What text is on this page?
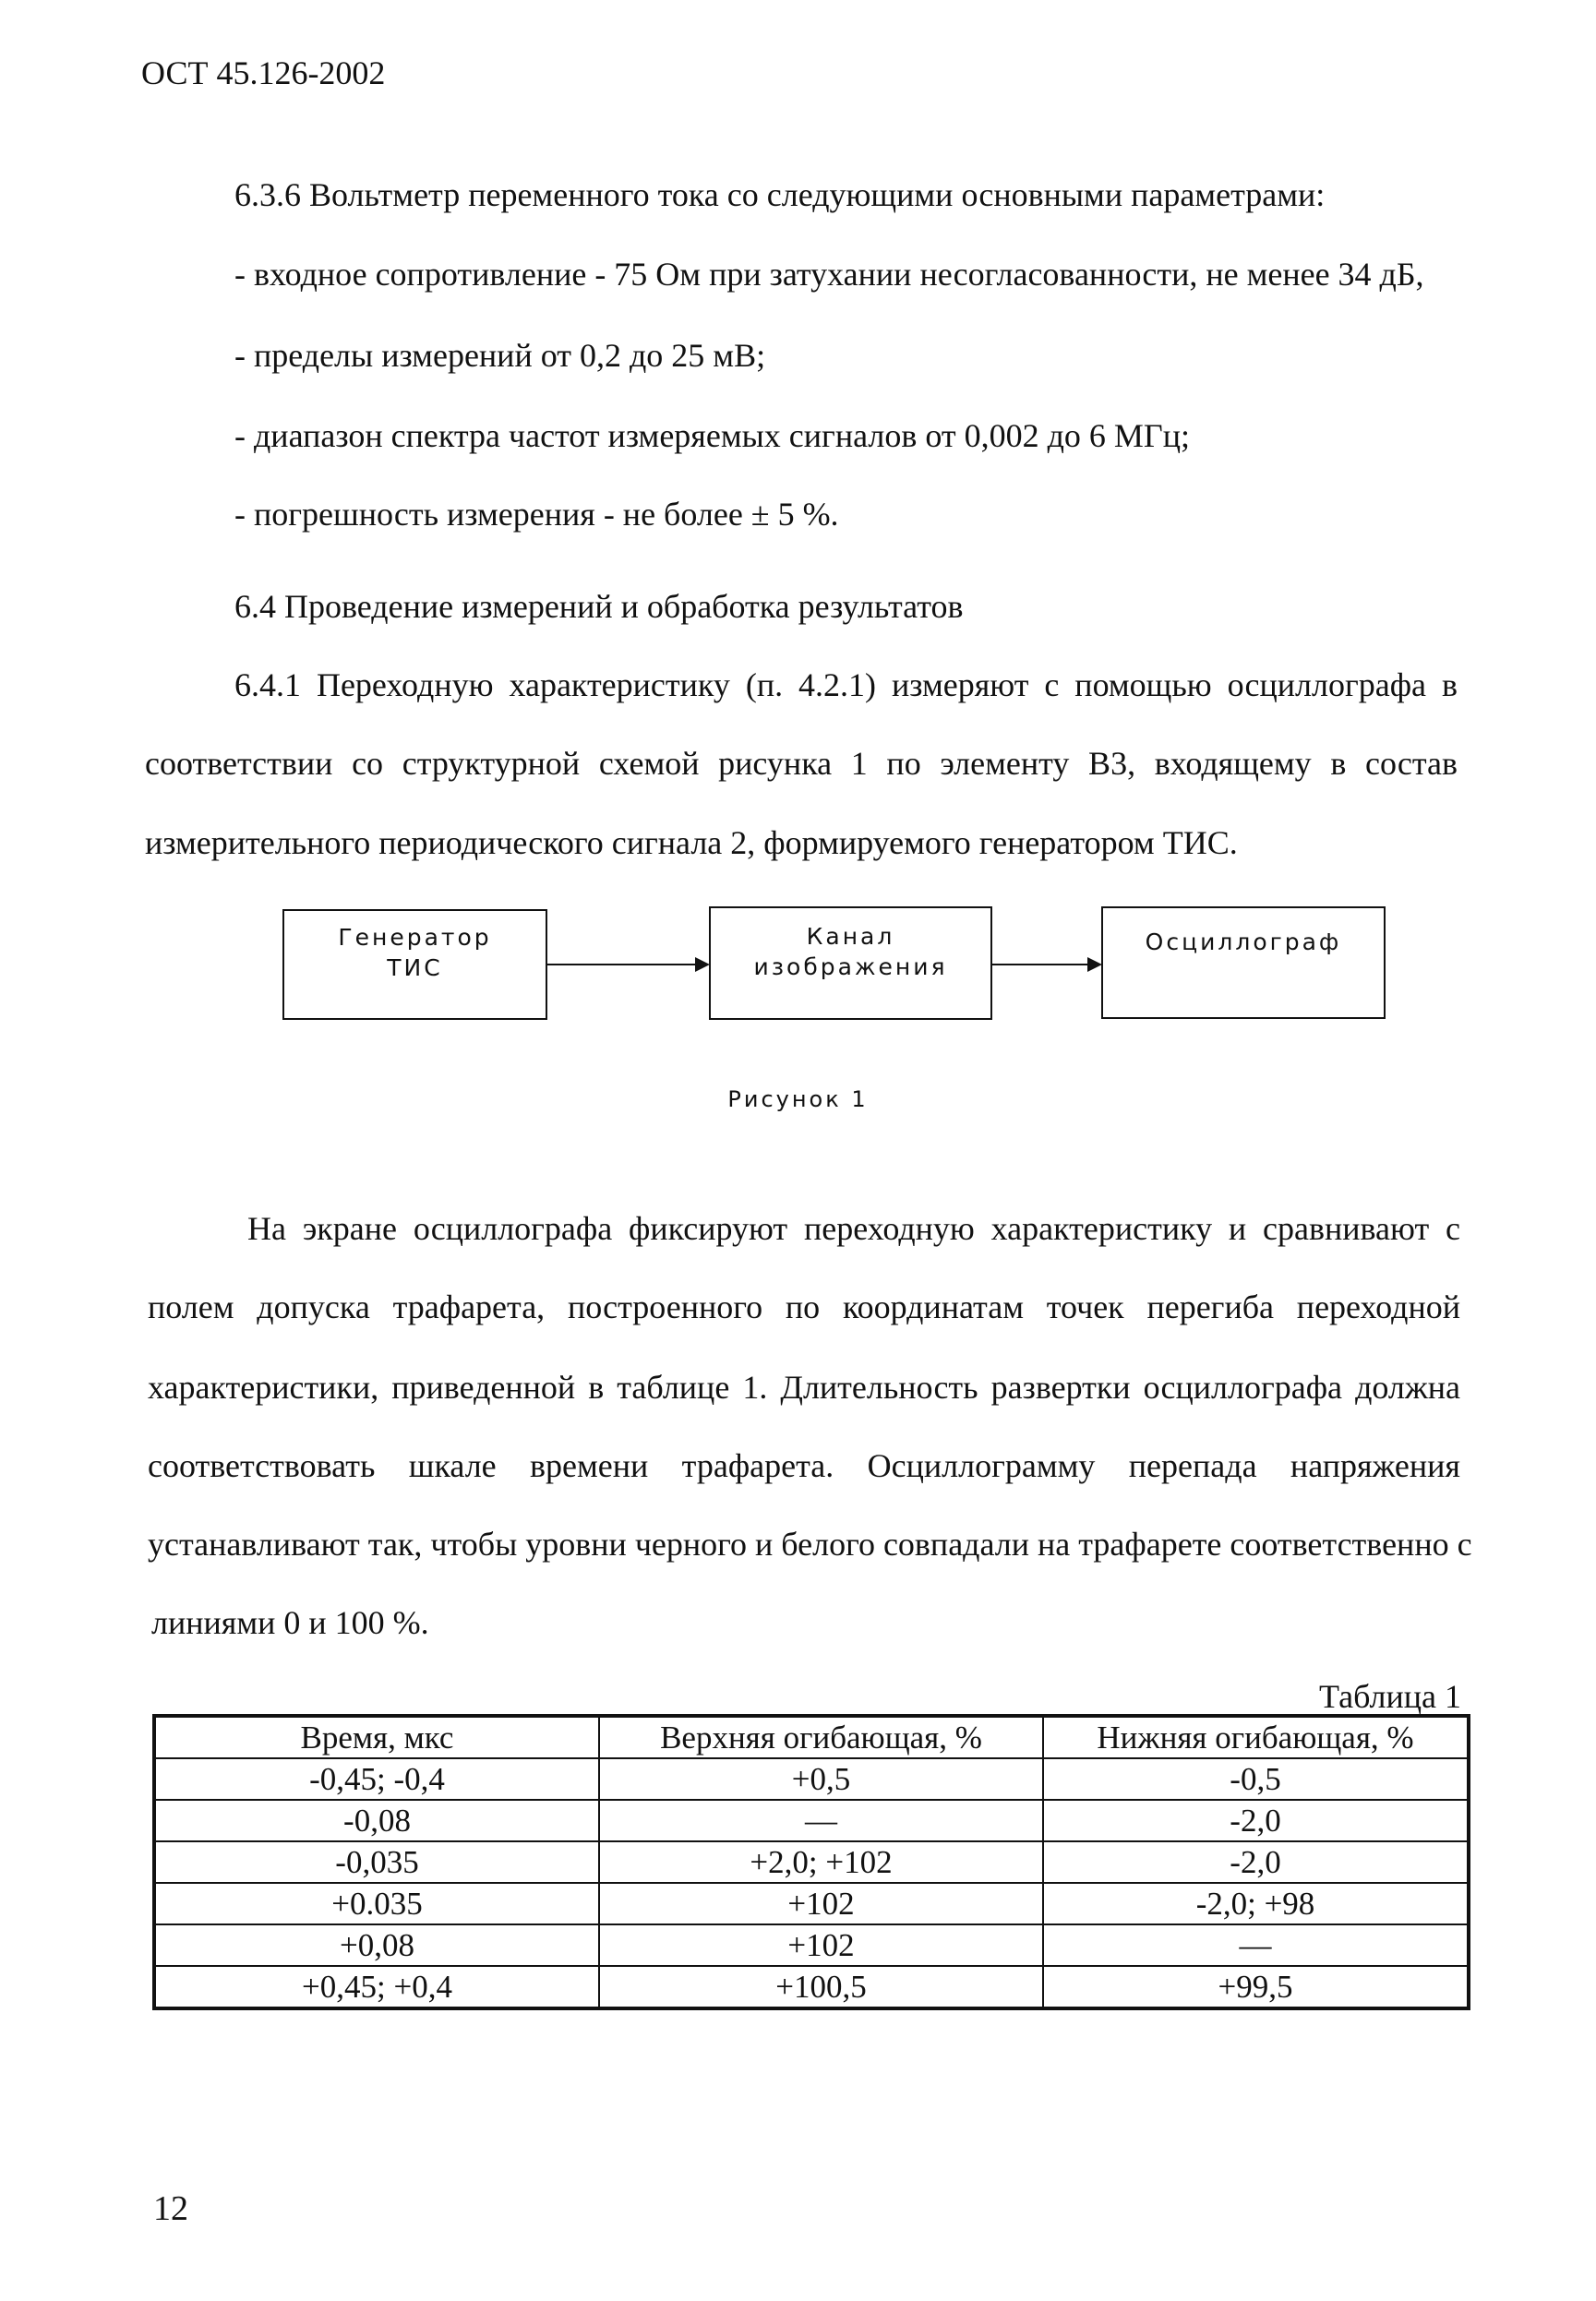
ОСТ 45.126-2002
6.3.6 Вольтметр переменного тока со следующими основными параметрами:
- входное сопротивление - 75 Ом при затухании несогласованности, не менее 34 дБ,
- пределы измерений от 0,2 до 25 мВ;
- диапазон спектра частот измеряемых сигналов от 0,002 до 6 МГц;
- погрешность измерения - не более ± 5 %.
6.4 Проведение измерений и обработка результатов
6.4.1 Переходную характеристику (п. 4.2.1) измеряют с помощью осциллографа в
соответствии со структурной схемой рисунка 1 по элементу В3, входящему в состав
измерительного периодического сигнала 2, формируемого генератором ТИС.
Генератор
ТИС
Канал
изображения
Осциллограф
Рисунок 1
На экране осциллографа фиксируют переходную характеристику и сравнивают с
полем допуска трафарета, построенного по координатам точек перегиба переходной
характеристики, приведенной в таблице 1. Длительность развертки осциллографа должна
соответствовать шкале времени трафарета. Осциллограмму перепада напряжения
устанавливают так, чтобы уровни черного и белого совпадали на трафарете соответственно с
линиями 0 и 100 %.
Таблица 1
Время, мкс	Верхняя огибающая, %	Нижняя огибающая, %
-0,45; -0,4	+0,5	-0,5
-0,08	—	-2,0
-0,035	+2,0; +102	-2,0
+0.035	+102	-2,0; +98
+0,08	+102	—
+0,45; +0,4	+100,5	+99,5
12
